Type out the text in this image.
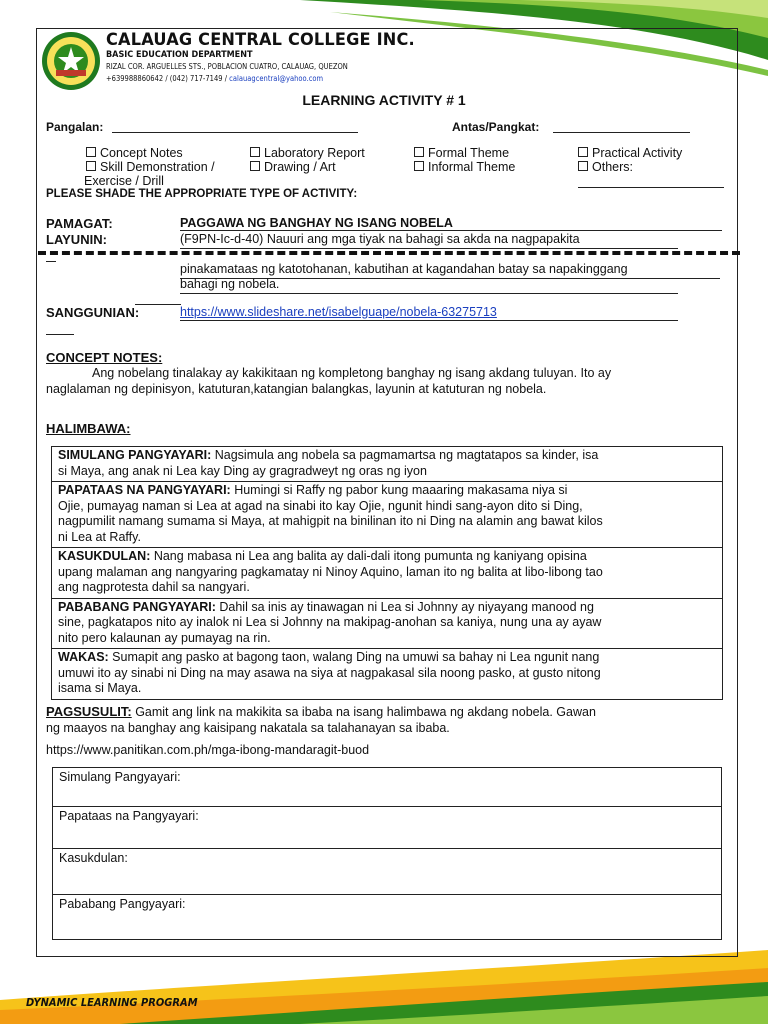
CALAUAG CENTRAL COLLEGE INC.
BASIC EDUCATION DEPARTMENT
RIZAL COR. ARGUELLES STS., POBLACION CUATRO, CALAUAG, QUEZON
+639988860642 / (042) 717-7149 / calauagcentral@yahoo.com
LEARNING ACTIVITY # 1
Pangalan:	Antas/Pangkat:
Concept Notes	Laboratory Report	Formal Theme	Practical Activity
Skill Demonstration /	Drawing / Art	Informal Theme	Others:
Exercise / Drill
PLEASE SHADE THE APPROPRIATE TYPE OF ACTIVITY:
PAMAGAT:	PAGGAWA NG BANGHAY NG ISANG NOBELA
LAYUNIN:	(F9PN-Ic-d-40) Nauuri ang mga tiyak na bahagi sa akda na nagpapakita
pinakamataas ng katotohanan, kabutihan at kagandahan batay sa napakinggang
bahagi ng nobela.
SANGGUNIAN:	https://www.slideshare.net/isabelguape/nobela-63275713
CONCEPT NOTES:
Ang nobelang tinalakay ay kakikitaan ng kompletong banghay ng isang akdang tuluyan. Ito ay
naglalaman ng depinisyon, katuturan,katangian balangkas, layunin at katuturan ng nobela.
HALIMBAWA:
SIMULANG PANGYAYARI: Nagsimula ang nobela sa pagmamartsa ng magtatapos sa kinder, isa
si Maya, ang anak ni Lea kay Ding ay gragradweyt ng oras ng iyon
PAPATAAS NA PANGYAYARI: Humingi si Raffy ng pabor kung maaaring makasama niya si
Ojie, pumayag naman si Lea at agad na sinabi ito kay Ojie, ngunit hindi sang-ayon dito si Ding,
nagpumilit namang sumama si Maya, at mahigpit na binilinan ito ni Ding na alamin ang bawat kilos
ni Lea at Raffy.
KASUKDULAN: Nang mabasa ni Lea ang balita ay dali-dali itong pumunta ng kaniyang opisina
upang malaman ang nangyaring pagkamatay ni Ninoy Aquino, laman ito ng balita at libo-libong tao
ang nagprotesta dahil sa nangyari.
PABABANG PANGYAYARI: Dahil sa inis ay tinawagan ni Lea si Johnny ay niyayang manood ng
sine, pagkatapos nito ay inalok ni Lea si Johnny na makipag-anohan sa kaniya, nung una ay ayaw
nito pero kalaunan ay pumayag na rin.
WAKAS: Sumapit ang pasko at bagong taon, walang Ding na umuwi sa bahay ni Lea ngunit nang
umuwi ito ay sinabi ni Ding na may asawa na siya at nagpakasal sila noong pasko, at gusto nitong
isama si Maya.
PAGSUSULIT: Gamit ang link na makikita sa ibaba na isang halimbawa ng akdang nobela. Gawan
ng maayos na banghay ang kaisipang nakatala sa talahanayan sa ibaba.
https://www.panitikan.com.ph/mga-ibong-mandaragit-buod
Simulang Pangyayari:
Papataas na Pangyayari:
Kasukdulan:
Pababang Pangyayari:
DYNAMIC LEARNING PROGRAM
